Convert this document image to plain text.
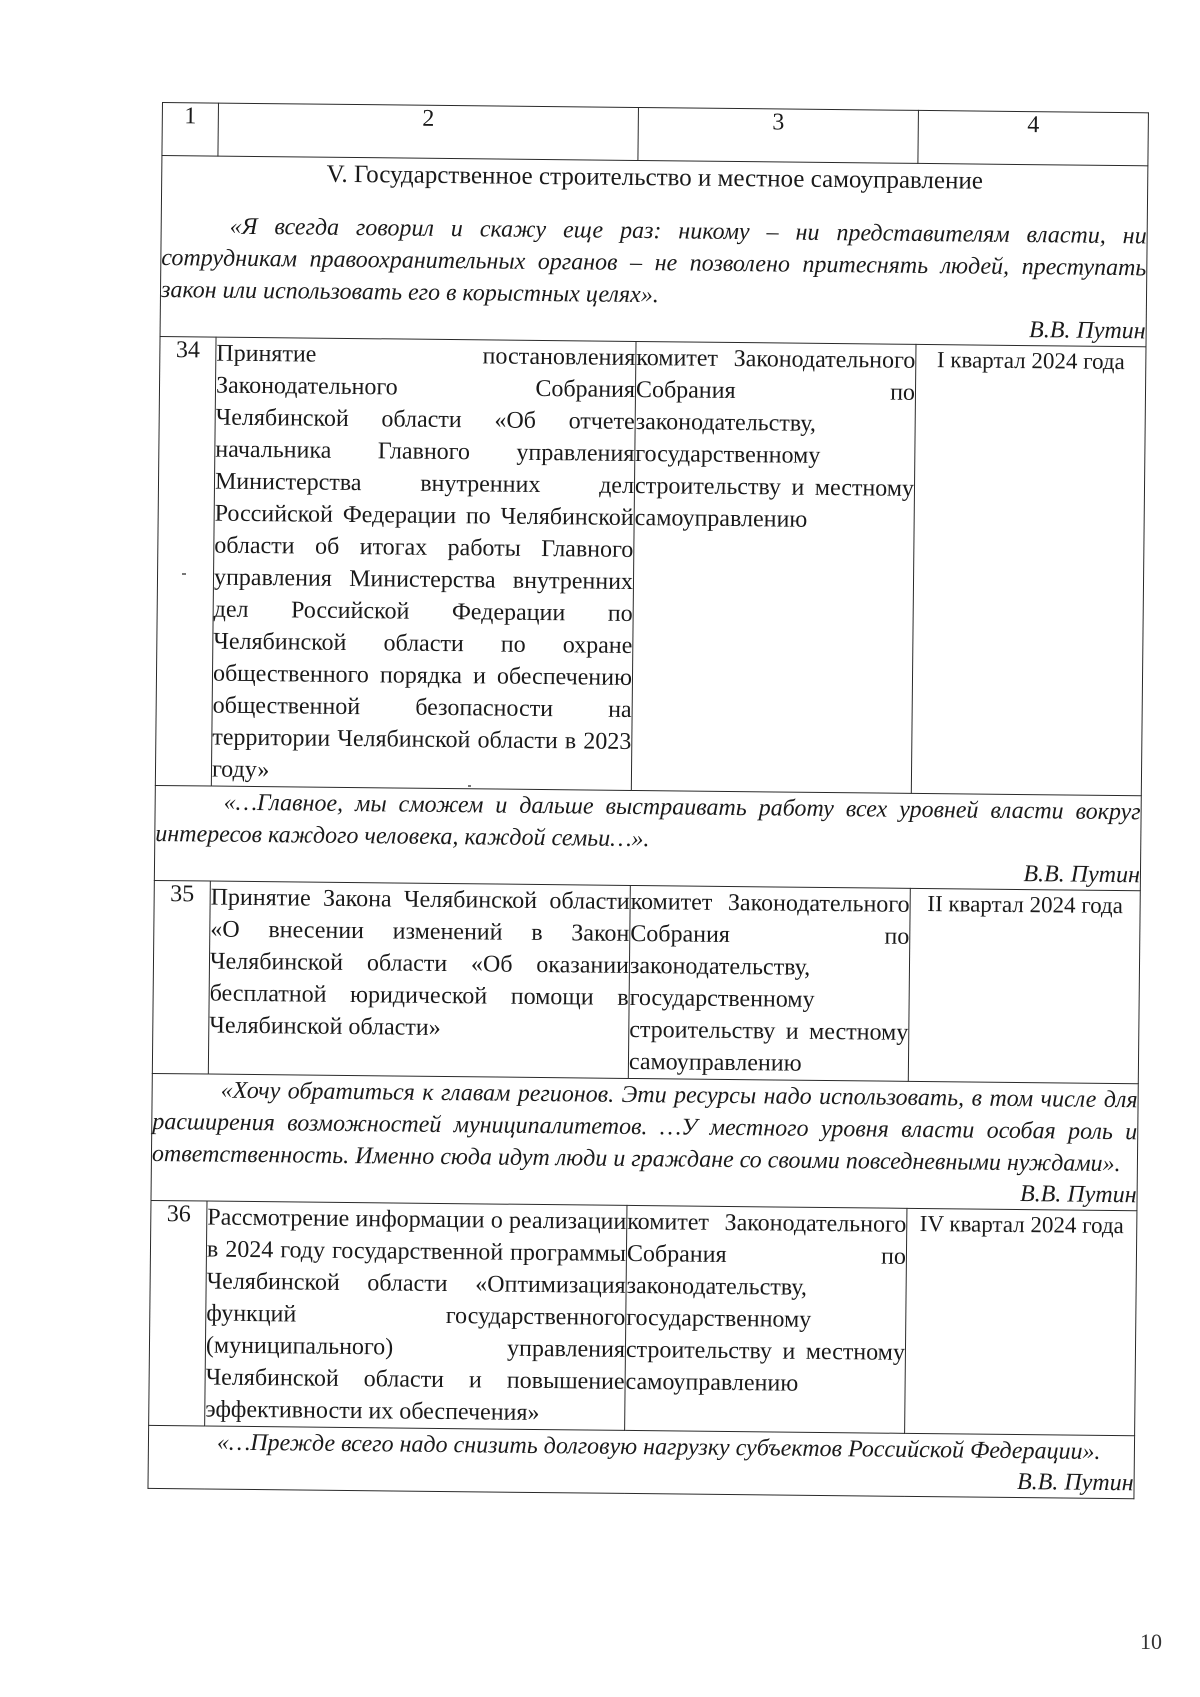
1	2	3	4

V. Государственное строительство и местное самоуправление

«Я всегда говорил и скажу еще раз: никому – ни представителям власти, ни сотрудникам правоохранительных органов – не позволено притеснять людей, преступать закон или использовать его в корыстных целях».

В.В. Путин			

34	Принятие постановления Законодательного Собрания Челябинской области «Об отчете начальника Главного управления Министерства внутренних дел Российской Федерации по Челябинской области об итогах работы Главного управления Министерства внутренних дел Российской Федерации по Челябинской области по охране общественного порядка и обеспечению общественной безопасности на территории Челябинской области в 2023 году»	комитет Законодательного Собрания по законодательству, государственному строительству и местному самоуправлению	I квартал 2024 года

«…Главное, мы сможем и дальше выстраивать работу всех уровней власти вокруг интересов каждого человека, каждой семьи…».

В.В. Путин			

35	Принятие Закона Челябинской области «О внесении изменений в Закон Челябинской области «Об оказании бесплатной юридической помощи в Челябинской области»	комитет Законодательного Собрания по законодательству, государственному строительству и местному самоуправлению	II квартал 2024 года

«Хочу обратиться к главам регионов. Эти ресурсы надо использовать, в том числе для расширения возможностей муниципалитетов. …У местного уровня власти особая роль и ответственность. Именно сюда идут люди и граждане со своими повседневными нуждами».

В.В. Путин			

36	Рассмотрение информации о реализации в 2024 году государственной программы Челябинской области «Оптимизация функций государственного (муниципального) управления Челябинской области и повышение эффективности их обеспечения»	комитет Законодательного Собрания по законодательству, государственному строительству и местному самоуправлению	IV квартал 2024 года

«…Прежде всего надо снизить долговую нагрузку субъектов Российской Федерации».

В.В. Путин			
10
